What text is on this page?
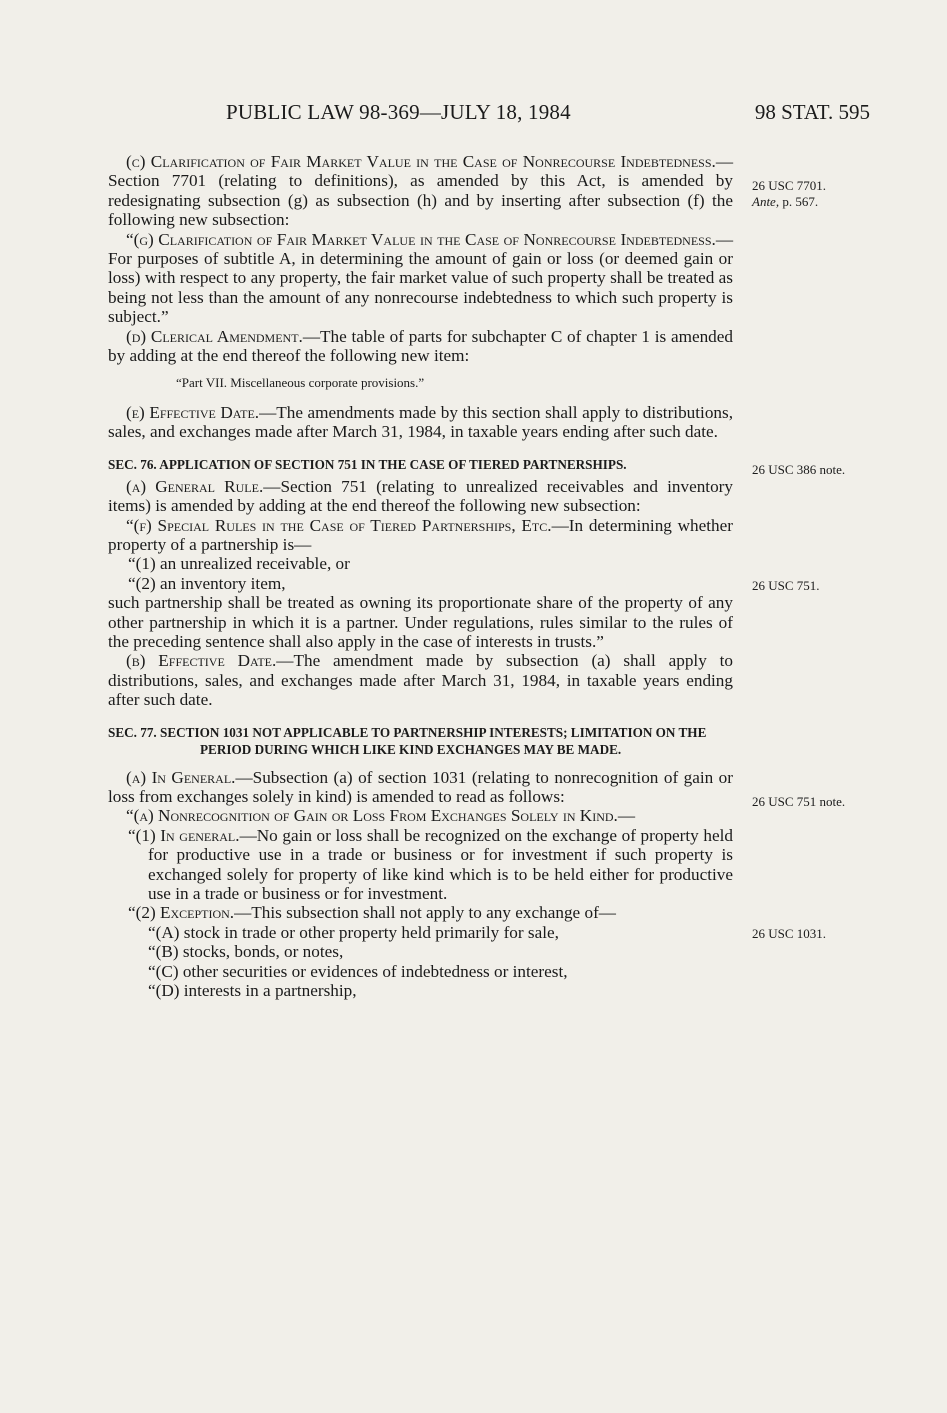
PUBLIC LAW 98-369—JULY 18, 1984	98 STAT. 595
26 USC 7701.
Ante, p. 567.
26 USC 386 note.
26 USC 751.
26 USC 751 note.
26 USC 1031.

(c) Clarification of Fair Market Value in the Case of Nonrecourse Indebtedness.—Section 7701 (relating to definitions), as amended by this Act, is amended by redesignating subsection (g) as subsection (h) and by inserting after subsection (f) the following new subsection:

“(g) Clarification of Fair Market Value in the Case of Nonrecourse Indebtedness.—For purposes of subtitle A, in determining the amount of gain or loss (or deemed gain or loss) with respect to any property, the fair market value of such property shall be treated as being not less than the amount of any nonrecourse indebtedness to which such property is subject.”

(d) Clerical Amendment.—The table of parts for subchapter C of chapter 1 is amended by adding at the end thereof the following new item:

“Part VII. Miscellaneous corporate provisions.”

(e) Effective Date.—The amendments made by this section shall apply to distributions, sales, and exchanges made after March 31, 1984, in taxable years ending after such date.

SEC. 76. APPLICATION OF SECTION 751 IN THE CASE OF TIERED PARTNERSHIPS.

(a) General Rule.—Section 751 (relating to unrealized receivables and inventory items) is amended by adding at the end thereof the following new subsection:

“(f) Special Rules in the Case of Tiered Partnerships, Etc.—In determining whether property of a partnership is—

“(1) an unrealized receivable, or

“(2) an inventory item,

such partnership shall be treated as owning its proportionate share of the property of any other partnership in which it is a partner. Under regulations, rules similar to the rules of the preceding sentence shall also apply in the case of interests in trusts.”

(b) Effective Date.—The amendment made by subsection (a) shall apply to distributions, sales, and exchanges made after March 31, 1984, in taxable years ending after such date.

SEC. 77. SECTION 1031 NOT APPLICABLE TO PARTNERSHIP INTERESTS; LIMITATION ON THE PERIOD DURING WHICH LIKE KIND EXCHANGES MAY BE MADE.

(a) In General.—Subsection (a) of section 1031 (relating to nonrecognition of gain or loss from exchanges solely in kind) is amended to read as follows:

“(a) Nonrecognition of Gain or Loss From Exchanges Solely in Kind.—

“(1) In general.—No gain or loss shall be recognized on the exchange of property held for productive use in a trade or business or for investment if such property is exchanged solely for property of like kind which is to be held either for productive use in a trade or business or for investment.

“(2) Exception.—This subsection shall not apply to any exchange of—

“(A) stock in trade or other property held primarily for sale,

“(B) stocks, bonds, or notes,

“(C) other securities or evidences of indebtedness or interest,

“(D) interests in a partnership,
